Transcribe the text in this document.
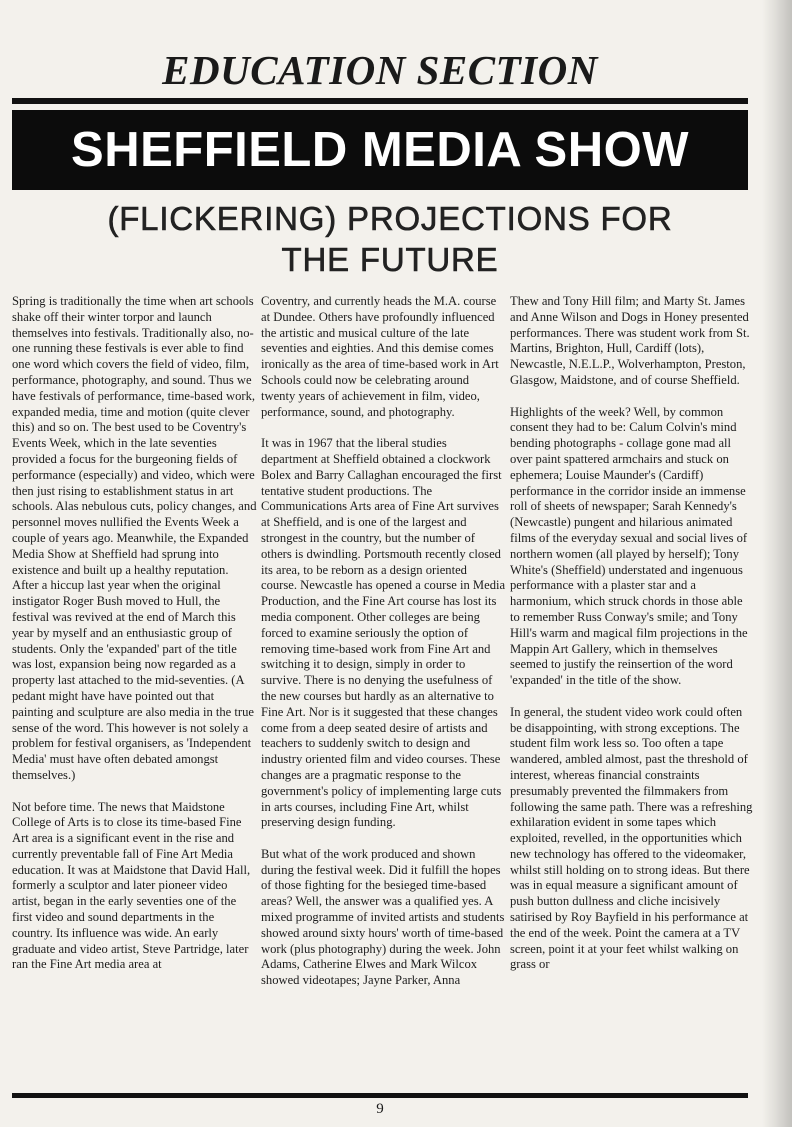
EDUCATION SECTION
SHEFFIELD MEDIA SHOW
(FLICKERING) PROJECTIONS FOR
THE FUTURE

Spring is traditionally the time when art schools shake off their winter torpor and launch themselves into festivals. Traditionally also, no-one running these festivals is ever able to find one word which covers the field of video, film, performance, photography, and sound. Thus we have festivals of performance, time-based work, expanded media, time and motion (quite clever this) and so on. The best used to be Coventry's Events Week, which in the late seventies provided a focus for the burgeoning fields of performance (especially) and video, which were then just rising to establishment status in art schools. Alas nebulous cuts, policy changes, and personnel moves nullified the Events Week a couple of years ago. Meanwhile, the Expanded Media Show at Sheffield had sprung into existence and built up a healthy reputation. After a hiccup last year when the original instigator Roger Bush moved to Hull, the festival was revived at the end of March this year by myself and an enthusiastic group of students. Only the 'expanded' part of the title was lost, expansion being now regarded as a property last attached to the mid-seventies. (A pedant might have have pointed out that painting and sculpture are also media in the true sense of the word. This however is not solely a problem for festival organisers, as 'Independent Media' must have often debated amongst themselves.)

Not before time. The news that Maidstone College of Arts is to close its time-based Fine Art area is a significant event in the rise and currently preventable fall of Fine Art Media education. It was at Maidstone that David Hall, formerly a sculptor and later pioneer video artist, began in the early seventies one of the first video and sound departments in the country. Its influence was wide. An early graduate and video artist, Steve Partridge, later ran the Fine Art media area at

Coventry, and currently heads the M.A. course at Dundee. Others have profoundly influenced the artistic and musical culture of the late seventies and eighties. And this demise comes ironically as the area of time-based work in Art Schools could now be celebrating around twenty years of achievement in film, video, performance, sound, and photography.

It was in 1967 that the liberal studies department at Sheffield obtained a clockwork Bolex and Barry Callaghan encouraged the first tentative student productions. The Communications Arts area of Fine Art survives at Sheffield, and is one of the largest and strongest in the country, but the number of others is dwindling. Portsmouth recently closed its area, to be reborn as a design oriented course. Newcastle has opened a course in Media Production, and the Fine Art course has lost its media component. Other colleges are being forced to examine seriously the option of removing time-based work from Fine Art and switching it to design, simply in order to survive. There is no denying the usefulness of the new courses but hardly as an alternative to Fine Art. Nor is it suggested that these changes come from a deep seated desire of artists and teachers to suddenly switch to design and industry oriented film and video courses. These changes are a pragmatic response to the government's policy of implementing large cuts in arts courses, including Fine Art, whilst preserving design funding.

But what of the work produced and shown during the festival week. Did it fulfill the hopes of those fighting for the besieged time-based areas? Well, the answer was a qualified yes. A mixed programme of invited artists and students showed around sixty hours' worth of time-based work (plus photography) during the week. John Adams, Catherine Elwes and Mark Wilcox showed videotapes; Jayne Parker, Anna

Thew and Tony Hill film; and Marty St. James and Anne Wilson and Dogs in Honey presented performances. There was student work from St. Martins, Brighton, Hull, Cardiff (lots), Newcastle, N.E.L.P., Wolverhampton, Preston, Glasgow, Maidstone, and of course Sheffield.

Highlights of the week? Well, by common consent they had to be: Calum Colvin's mind bending photographs - collage gone mad all over paint spattered armchairs and stuck on ephemera; Louise Maunder's (Cardiff) performance in the corridor inside an immense roll of sheets of newspaper; Sarah Kennedy's (Newcastle) pungent and hilarious animated films of the everyday sexual and social lives of northern women (all played by herself); Tony White's (Sheffield) understated and ingenuous performance with a plaster star and a harmonium, which struck chords in those able to remember Russ Conway's smile; and Tony Hill's warm and magical film projections in the Mappin Art Gallery, which in themselves seemed to justify the reinsertion of the word 'expanded' in the title of the show.

In general, the student video work could often be disappointing, with strong exceptions. The student film work less so. Too often a tape wandered, ambled almost, past the threshold of interest, whereas financial constraints presumably prevented the filmmakers from following the same path. There was a refreshing exhilaration evident in some tapes which exploited, revelled, in the opportunities which new technology has offered to the videomaker, whilst still holding on to strong ideas. But there was in equal measure a significant amount of push button dullness and cliche incisively satirised by Roy Bayfield in his performance at the end of the week. Point the camera at a TV screen, point it at your feet whilst walking on grass or

9
